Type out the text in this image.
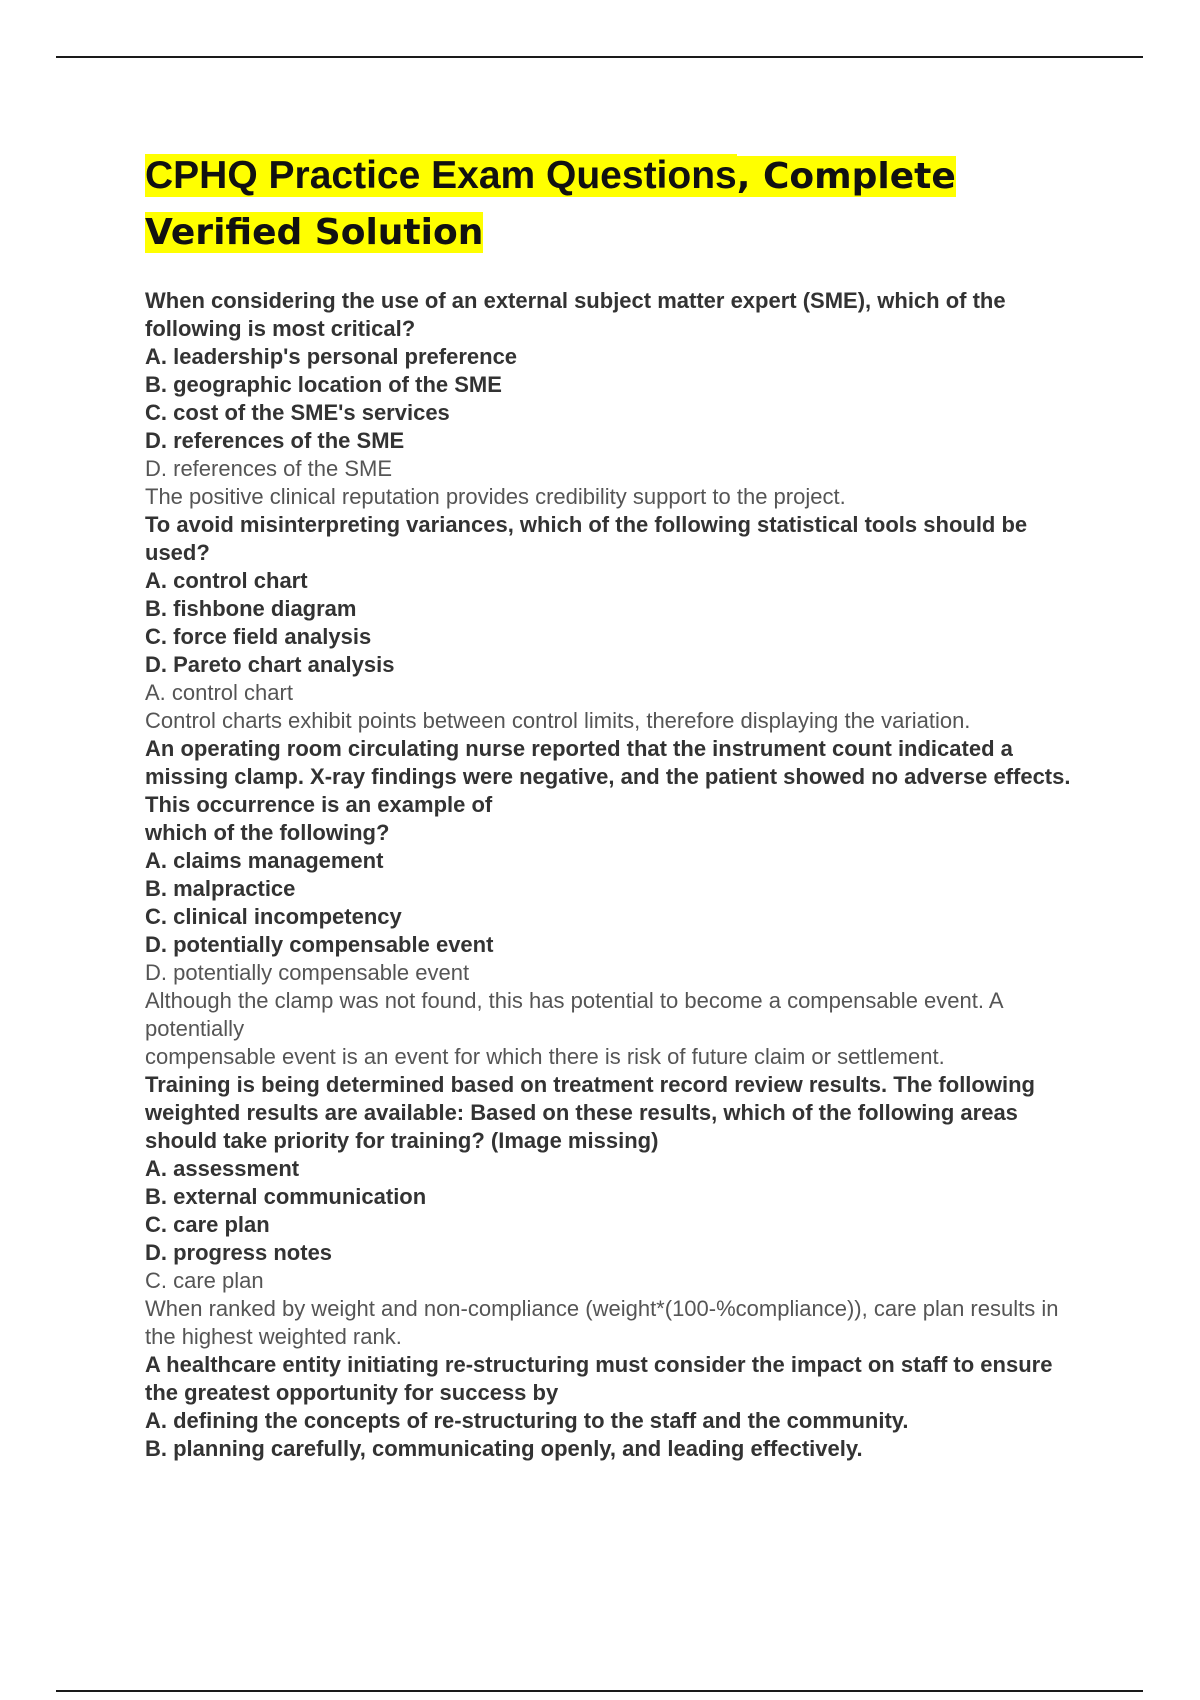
CPHQ Practice Exam Questions, Complete Verified Solution

When considering the use of an external subject matter expert (SME), which of the following is most critical?

A. leadership's personal preference

B. geographic location of the SME

C. cost of the SME's services

D. references of the SME

D. references of the SME

The positive clinical reputation provides credibility support to the project.

To avoid misinterpreting variances, which of the following statistical tools should be used?

A. control chart

B. fishbone diagram

C. force field analysis

D. Pareto chart analysis

A. control chart

Control charts exhibit points between control limits, therefore displaying the variation.

An operating room circulating nurse reported that the instrument count indicated a missing clamp. X-ray findings were negative, and the patient showed no adverse effects. This occurrence is an example of

which of the following?

A. claims management

B. malpractice

C. clinical incompetency

D. potentially compensable event

D. potentially compensable event

Although the clamp was not found, this has potential to become a compensable event. A potentially

compensable event is an event for which there is risk of future claim or settlement.

Training is being determined based on treatment record review results. The following weighted results are available: Based on these results, which of the following areas should take priority for training? (Image missing)

A. assessment

B. external communication

C. care plan

D. progress notes

C. care plan

When ranked by weight and non-compliance (weight*(100-%compliance)), care plan results in the highest weighted rank.

A healthcare entity initiating re-structuring must consider the impact on staff to ensure the greatest opportunity for success by

A. defining the concepts of re-structuring to the staff and the community.

B. planning carefully, communicating openly, and leading effectively.
